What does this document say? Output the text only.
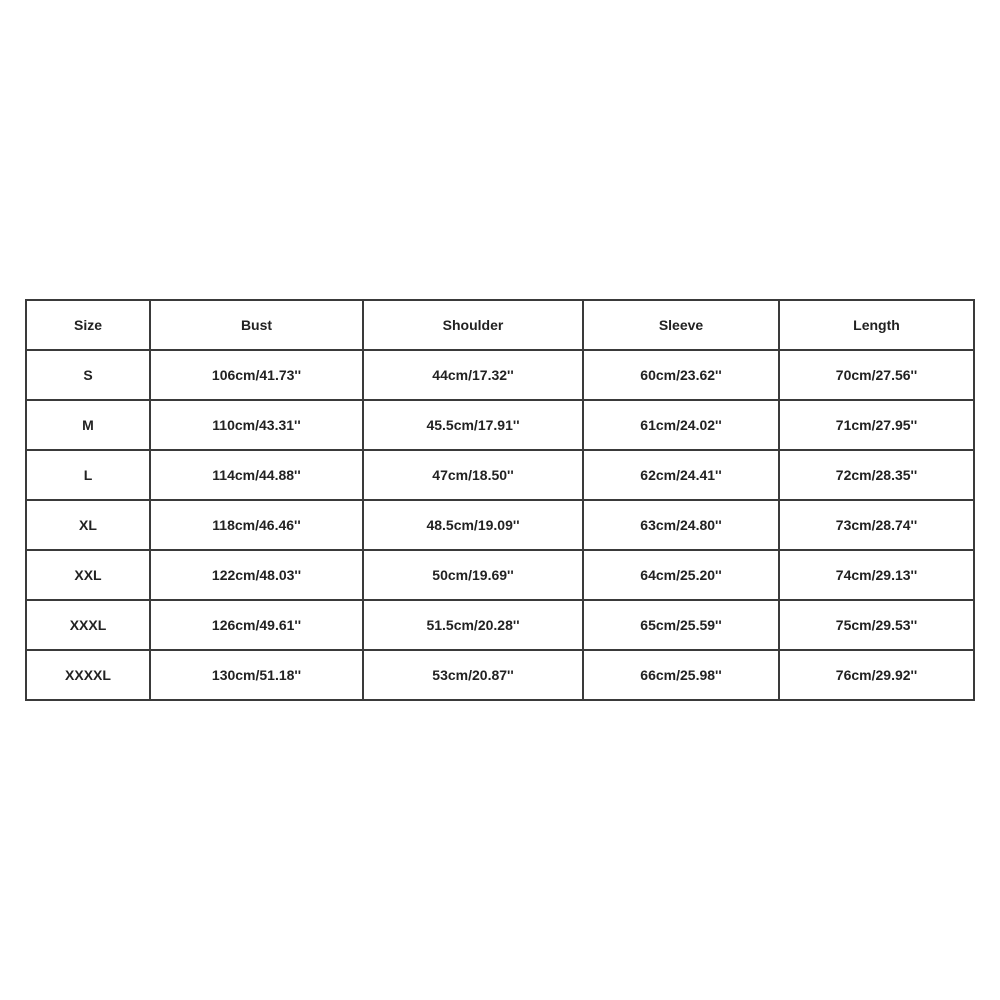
Size	Bust	Shoulder	Sleeve	Length
S	106cm/41.73''	44cm/17.32''	60cm/23.62''	70cm/27.56''
M	110cm/43.31''	45.5cm/17.91''	61cm/24.02''	71cm/27.95''
L	114cm/44.88''	47cm/18.50''	62cm/24.41''	72cm/28.35''
XL	118cm/46.46''	48.5cm/19.09''	63cm/24.80''	73cm/28.74''
XXL	122cm/48.03''	50cm/19.69''	64cm/25.20''	74cm/29.13''
XXXL	126cm/49.61''	51.5cm/20.28''	65cm/25.59''	75cm/29.53''
XXXXL	130cm/51.18''	53cm/20.87''	66cm/25.98''	76cm/29.92''
